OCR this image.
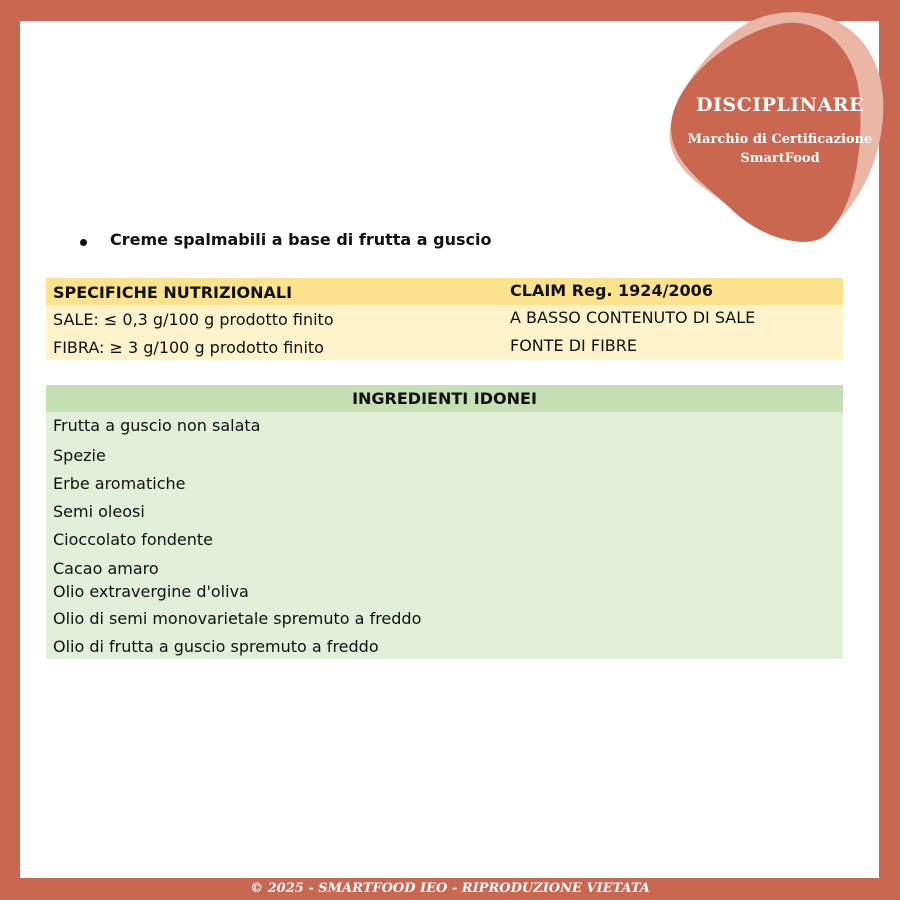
DISCIPLINARE
Marchio di Certificazione
SmartFood
Creme spalmabili a base di frutta a guscio
SPECIFICHE NUTRIZIONALI	CLAIM Reg. 1924/2006
SALE: ≤ 0,3 g/100 g prodotto finito	A BASSO CONTENUTO DI SALE
FIBRA: ≥ 3 g/100 g prodotto finito	FONTE DI FIBRE
INGREDIENTI IDONEI
Frutta a guscio non salata
Spezie
Erbe aromatiche
Semi oleosi
Cioccolato fondente
Cacao amaro
Olio extravergine d'oliva
Olio di semi monovarietale spremuto a freddo
Olio di frutta a guscio spremuto a freddo
© 2025 - SMARTFOOD IEO - RIPRODUZIONE VIETATA
